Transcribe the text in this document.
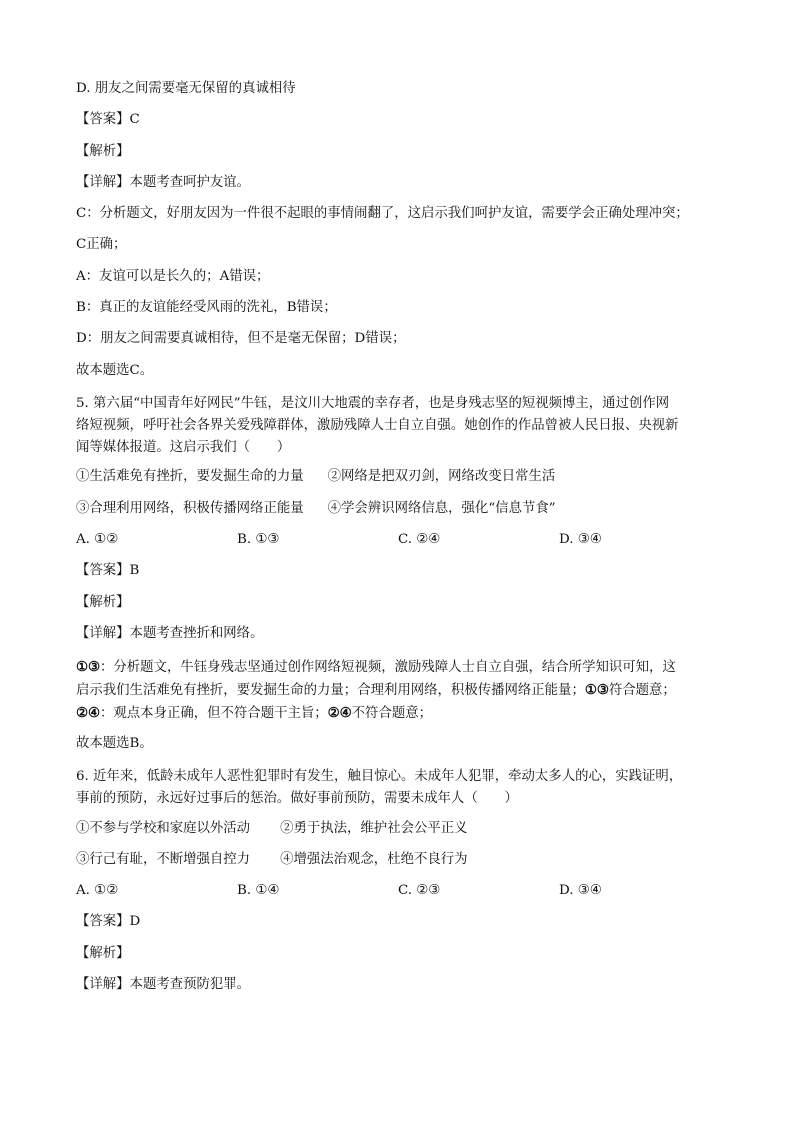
D. 朋友之间需要毫无保留的真诚相待
【答案】C
【解析】
【详解】本题考查呵护友谊。
C：分析题文，好朋友因为一件很不起眼的事情闹翻了，这启示我们呵护友谊，需要学会正确处理冲突；
C正确；
A：友谊可以是长久的；A错误；
B：真正的友谊能经受风雨的洗礼，B错误；
D：朋友之间需要真诚相待，但不是毫无保留；D错误；
故本题选C。
5. 第六届“中国青年好网民”牛钰，是汶川大地震的幸存者，也是身残志坚的短视频博主，通过创作网
络短视频，呼吁社会各界关爱残障群体，激励残障人士自立自强。她创作的作品曾被人民日报、央视新
闻等媒体报道。这启示我们（　　）
①生活难免有挫折，要发掘生命的力量 ②网络是把双刃剑，网络改变日常生活
③合理利用网络，积极传播网络正能量 ④学会辨识网络信息，强化“信息节食”
A. ①②	B. ①③	C. ②④	D. ③④
【答案】B
【解析】
【详解】本题考查挫折和网络。
①③：分析题文，牛钰身残志坚通过创作网络短视频，激励残障人士自立自强，结合所学知识可知，这
启示我们生活难免有挫折，要发掘生命的力量；合理利用网络，积极传播网络正能量；①③符合题意；
②④：观点本身正确，但不符合题干主旨；②④不符合题意；
故本题选B。
6. 近年来，低龄未成年人恶性犯罪时有发生，触目惊心。未成年人犯罪，牵动太多人的心，实践证明，
事前的预防，永远好过事后的惩治。做好事前预防，需要未成年人（　　）
①不参与学校和家庭以外活动 ②勇于执法，维护社会公平正义
③行己有耻，不断增强自控力 ④增强法治观念，杜绝不良行为
A. ①②	B. ①④	C. ②③	D. ③④
【答案】D
【解析】
【详解】本题考查预防犯罪。
